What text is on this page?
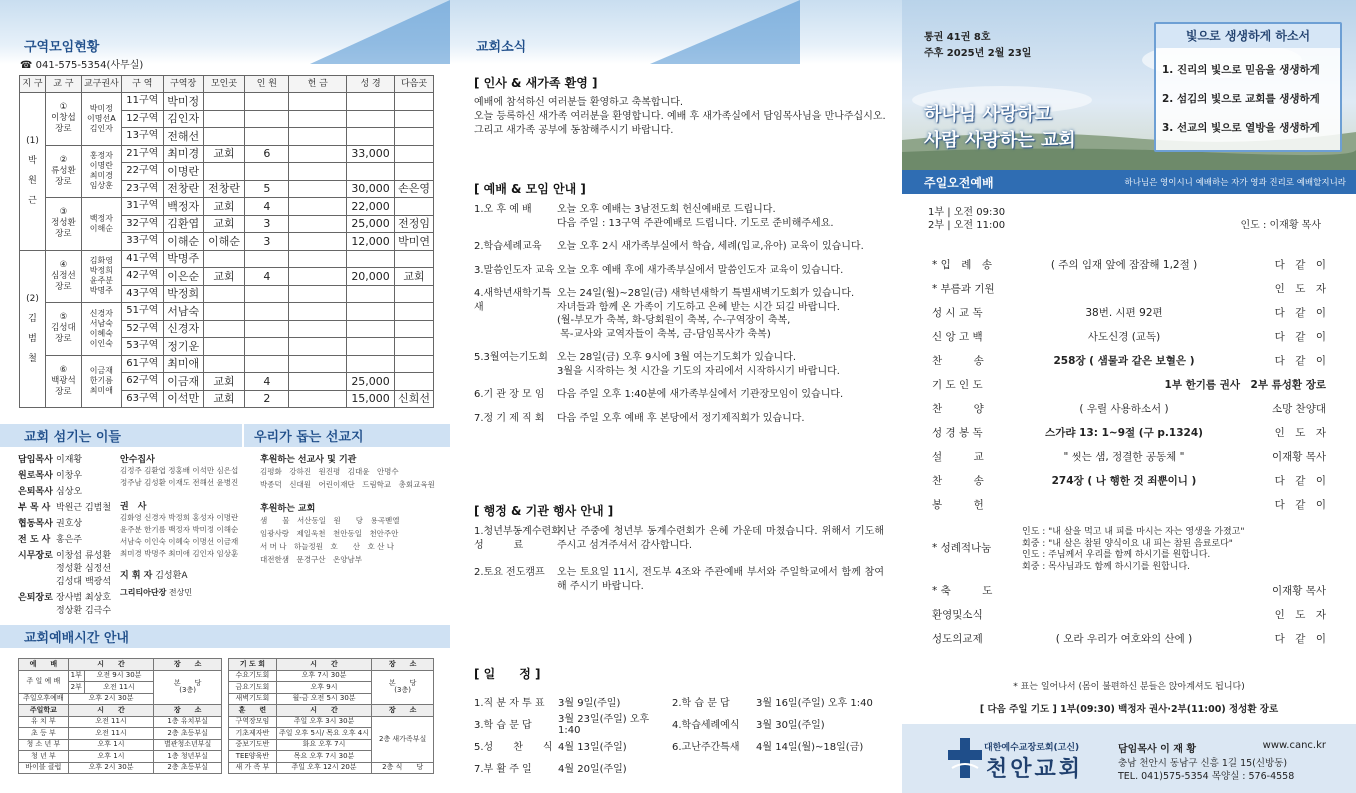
구역모임현황
☎ 041-575-5354(사무실)
지 구	교 구	교구권사	구 역	구역장	모인곳	인 원	헌 금	성 경	다음곳
(1)
박
원
근	①
이창섭
장로	박미정
이명선A
김인자	11구역	박미정					
			12구역	김인자					
			13구역	전해선					
	②
류성환
장로	홍정자
이명란
최미경
임상훈	21구역	최미경	교회	6		33,000	
			22구역	이명란					
			23구역	전창란	전창란	5		30,000	손은영
	③
정성환
장로	백정자
이해순	31구역	백정자	교회	4		22,000	
			32구역	김환엽	교회	3		25,000	전정임
			33구역	이해순	이해순	3		12,000	박미연
(2)
김
범
철	④
심정선
장로	김화영
박정희
윤주분
박명주	41구역	박명주					
			42구역	이은순	교회	4		20,000	교회
			43구역	박정희					
	⑤
김성대
장로	신경자
서남숙
이혜숙
이인숙	51구역	서남숙					
			52구역	신경자					
			53구역	정기운					
	⑥
백광석
장로	이금재
한기름
최미애	61구역	최미애					
			62구역	이금재	교회	4		25,000	
			63구역	이석만	교회	2		15,000	신희선
교회 섬기는 이들	우리가 돕는 선교지
담임목사 이재황
원로목사 이창우
은퇴목사 심상오
부 목 사 박원근 김범철
협동목사 권호상
전 도 사 홍은주
시무장로 이창섭 류성환
정성환 심정선
김성대 백광석
은퇴장로 장사범 최상호
정상환 김극수
안수집사
김정주 김환엽 정홍배 이석만 심은섭
정주남 김성환 이재도 전해선 윤병진
권　사
김화영 신경자 박정희 홍성자 이명란
윤주분 한기름 백정자 박미정 이해순
서남숙 이인숙 이혜숙 이명선 이금재
최미경 박명주 최미애 김인자 임상훈
지 휘 자 김성환A
그리티아단장 전상민
후원하는 선교사 및 기관
김평화　강하진　원진평　김대윤　안명수
박종덕　신대원　어린이재단　드림학교　총회교육원
후원하는 교회
샘　　물　서산동일　원　　당　용곡벧엘
임광사랑　제일욱천　천안동일　천안주안
서 머 나　하늘정원　호　　산　호 산 나
대전한샘　문경구산　온양남부
교회예배시간 안내
예　　배	시　　간		장　　소
주 일 예 배	1부	오전 9시 30분	본　　당
(3층)
	2부	오전 11시	
주일오후예배	오후 2시 30분		
주일학교	시　　간		장　　소
유 치 부	오전 11시		1층 유치부실
초 등 부	오전 11시		2층 초등부실
청 소 년 부	오후 1시		별관청소년부실
청 년 부	오후 1시		1층 청년부실
바이블 클럽	오후 2시 30분		2층 초등부실
기 도 회	시　　간	장　　소
수요기도회	오후 7시 30분	본　　당
(3층)
금요기도회	오후 9시	
새벽기도회	월-금 오전 5시 30분	
훈　　련	시　　간	장　　소
구역장모임	주일 오후 3시 30분	2층 새가족부실
기초제자반	주일 오후 5시/ 목요 오후 4시	
중보기도반	화요 오후 7시	
TEE양육반	목요 오후 7시 30분	
새 가 족 부	주일 오후 12시 20분	2층 식　　당
교회소식
[ 인사 & 새가족 환영 ]
예배에 참석하신 여러분들 환영하고 축복합니다.
오늘 등록하신 새가족 여러분을 환영합니다. 예배 후 새가족실에서 담임목사님을 만나주십시오.
그리고 새가족 공부에 동참해주시기 바랍니다.
[ 예배 & 모임 안내 ]
1.오 후 예 배	오늘 오후 예배는 3남전도회 헌신예배로 드립니다.
다음 주일 : 13구역 주관예배로 드립니다. 기도로 준비해주세요.
2.학습세례교육	오늘 오후 2시 새가족부실에서 학습, 세례(입교,유아) 교육이 있습니다.
3.말씀인도자 교육 오늘 오후 예배 후에 새가족부실에서 말씀인도자 교육이 있습니다.
4.새학년새학기특새
오는 24일(월)~28일(금) 새학년새학기 특별새벽기도회가 있습니다.
자녀들과 함께 온 가족이 기도하고 은혜 받는 시간 되길 바랍니다.
(월-부모가 축복, 화-당회원이 축복, 수-구역장이 축복,
목-교사와 교역자들이 축복, 금-담임목사가 축복)
5.3월여는기도회 오는 28일(금) 오후 9시에 3월 여는기도회가 있습니다.
3월을 시작하는 첫 시간을 기도의 자리에서 시작하시기 바랍니다.
6.기 관 장 모 임	다음 주일 오후 1:40분에 새가족부실에서 기관장모임이 있습니다.
7.정 기 제 직 회	다음 주일 오후 예배 후 본당에서 정기제직회가 있습니다.
[ 행정 & 기관 행사 안내 ]
1.청년부동계수련회
성　　　료
지난 주중에 청년부 동계수련회가 은혜 가운데 마쳤습니다. 위해서 기도해주시고 섬겨주셔서 감사합니다.
2.토요 전도캠프	오는 토요일 11시, 전도부 4조와 주관예배 부서와 주일학교에서 함께 참여해 주시기 바랍니다.
[ 일　　정 ]
1.직 분 자 투 표	3월 9일(주일)	2.학 습 문 답	3월 16일(주일) 오후 1:40
3.학 습 문 답	3월 23일(주일) 오후 1:40	4.학습세례예식	3월 30일(주일)
5.성　　찬　　식 4월 13일(주일)	6.고난주간특새	4월 14일(월)~18일(금)
7.부 활 주 일	4월 20일(주일)
통권 41권 8호
주후 2025년 2월 23일
빛으로 생생하게 하소서
1. 진리의 빛으로 믿음을 생생하게
2. 섬김의 빛으로 교회를 생생하게
3. 선교의 빛으로 열방을 생생하게
하나님 사랑하고
사람 사랑하는 교회
주일오전예배	하나님은 영이시니 예배하는 자가 영과 진리로 예배할지니라
1부 | 오전 09:30
2부 | 오전 11:00	인도 : 이재황 목사
* 입　례　송	( 주의 임재 앞에 잠잠해 1,2절 )	다　같　이
* 부름과 기원	인　도　자
성 시 교 독	38번. 시편 92편	다　같　이
신 앙 고 백	사도신경 (교독)	다　같　이
찬　　　송	258장 ( 샘물과 같은 보혈은 )	다　같　이
기 도 인 도	1부 한기름 권사　2부 류성환 장로
찬　　　양	( 우릴 사용하소서 )	소망 찬양대
성 경 봉 독	스가랴 13: 1~9절 (구 p.1324)	인　도　자
설　　　교	" 씻는 샘, 정결한 공동체 "	이재황 목사
찬　　　송	274장 ( 나 행한 것 죄뿐이니 )	다　같　이
봉　　　헌	다　같　이
* 성례적나눔
인도 : "내 살을 먹고 내 피를 마시는 자는 영생을 가졌고"
회중 : "내 살은 참된 양식이요 내 피는 참된 음료로다"
인도 : 주님께서 우리를 함께 하시기를 원합니다.
회중 : 목사님과도 함께 하시기를 원합니다.
* 축　　　도	이재황 목사
환영및소식	인　도　자
성도의교제	( 오라 우리가 여호와의 산에 )	다　같　이
* 표는 일어나서 (몸이 불편하신 분들은 앉아계셔도 됩니다)
[ 다음 주일 기도 ] 1부(09:30) 백정자 권사·2부(11:00) 정성환 장로
대한예수교장로회(고신)
천안교회
담임목사 이 재 황	www.canc.kr
충남 천안시 동남구 신흥 1길 15(신방동)
TEL. 041)575-5354 목양실 : 576-4558
